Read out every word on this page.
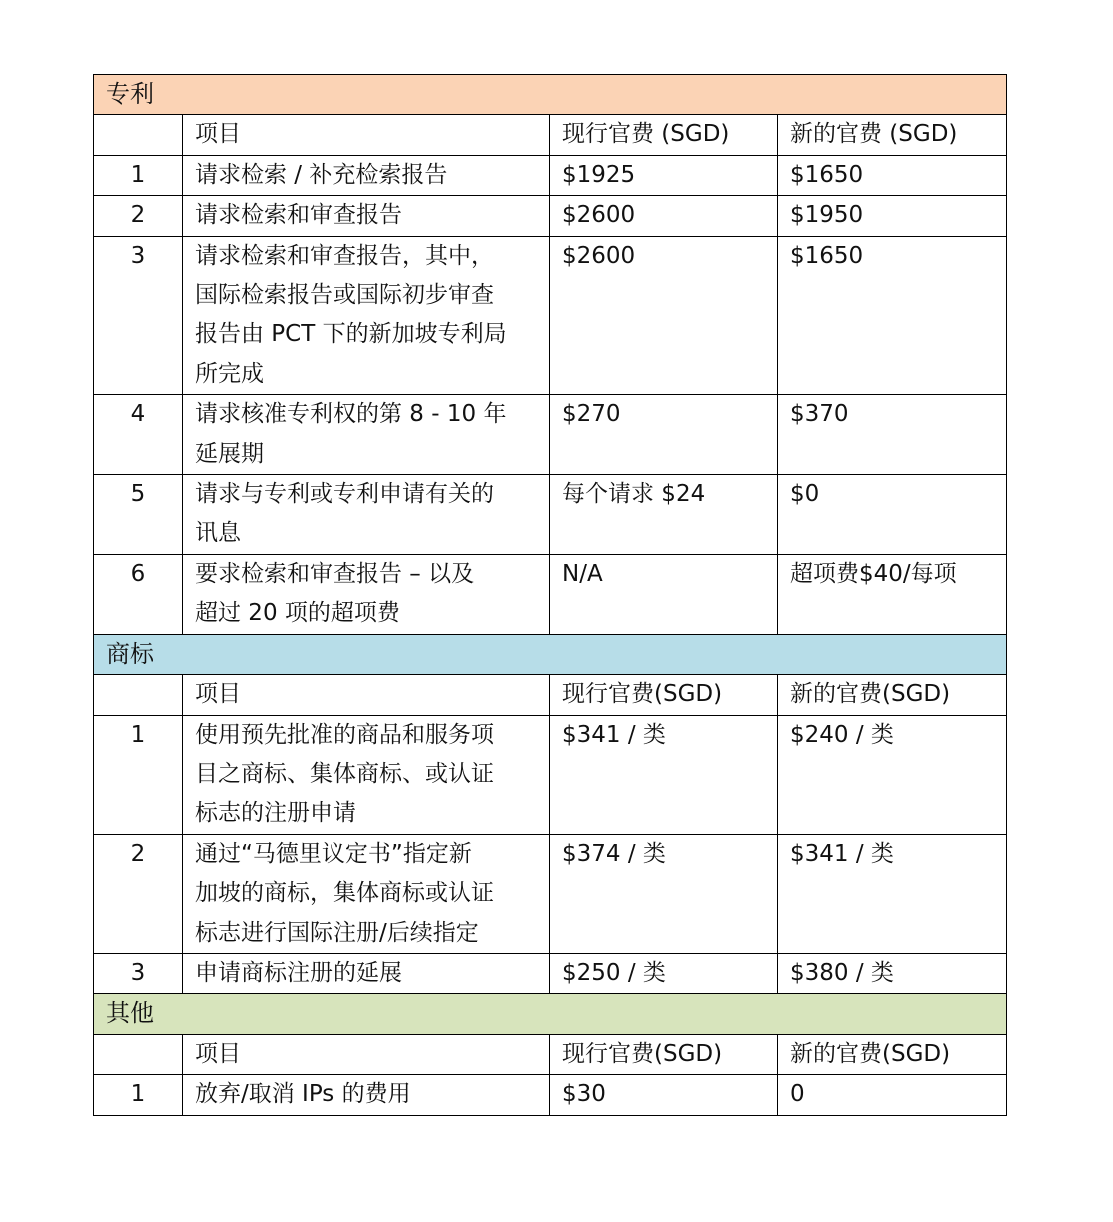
专利			
	项目	现行官费 (SGD)	新的官费 (SGD)
1	请求检索 / 补充检索报告	$1925	$1650
2	请求检索和审查报告	$2600	$1950
3	请求检索和审查报告，其中，
国际检索报告或国际初步审查
报告由 PCT 下的新加坡专利局
所完成	$2600	$1650
4	请求核准专利权的第 8 - 10 年
延展期	$270	$370
5	请求与专利或专利申请有关的
讯息	每个请求 $24	$0
6	要求检索和审查报告 – 以及
超过 20 项的超项费	N/A	超项费$40/每项
商标			
	项目	现行官费(SGD)	新的官费(SGD)
1	使用预先批准的商品和服务项
目之商标、集体商标、或认证
标志的注册申请	$341 / 类	$240 / 类
2	通过“马德里议定书”指定新
加坡的商标，集体商标或认证
标志进行国际注册/后续指定	$374 / 类	$341 / 类
3	申请商标注册的延展	$250 / 类	$380 / 类
其他			
	项目	现行官费(SGD)	新的官费(SGD)
1	放弃/取消 IPs 的费用	$30	0
